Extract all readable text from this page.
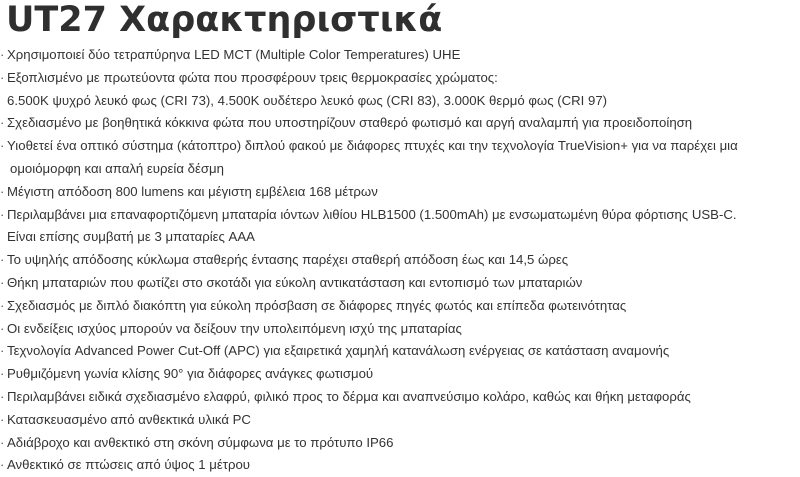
UT27 Χαρακτηριστικά
· Χρησιμοποιεί δύο τετραπύρηνα LED MCT (Multiple Color Temperatures) UHE
· Εξοπλισμένο με πρωτεύοντα φώτα που προσφέρουν τρεις θερμοκρασίες χρώματος:
6.500K ψυχρό λευκό φως (CRI 73), 4.500K ουδέτερο λευκό φως (CRI 83), 3.000K θερμό φως (CRI 97)
· Σχεδιασμένο με βοηθητικά κόκκινα φώτα που υποστηρίζουν σταθερό φωτισμό και αργή αναλαμπή για προειδοποίηση
· Υιοθετεί ένα οπτικό σύστημα (κάτοπτρο) διπλού φακού με διάφορες πτυχές και την τεχνολογία TrueVision+ για να παρέχει μια
ομοιόμορφη και απαλή ευρεία δέσμη
· Μέγιστη απόδοση 800 lumens και μέγιστη εμβέλεια 168 μέτρων
· Περιλαμβάνει μια επαναφορτιζόμενη μπαταρία ιόντων λιθίου HLB1500 (1.500mAh) με ενσωματωμένη θύρα φόρτισης USB-C.
Είναι επίσης συμβατή με 3 μπαταρίες AAA
· Το υψηλής απόδοσης κύκλωμα σταθερής έντασης παρέχει σταθερή απόδοση έως και 14,5 ώρες
· Θήκη μπαταριών που φωτίζει στο σκοτάδι για εύκολη αντικατάσταση και εντοπισμό των μπαταριών
· Σχεδιασμός με διπλό διακόπτη για εύκολη πρόσβαση σε διάφορες πηγές φωτός και επίπεδα φωτεινότητας
· Οι ενδείξεις ισχύος μπορούν να δείξουν την υπολειπόμενη ισχύ της μπαταρίας
· Τεχνολογία Advanced Power Cut-Off (APC) για εξαιρετικά χαμηλή κατανάλωση ενέργειας σε κατάσταση αναμονής
· Ρυθμιζόμενη γωνία κλίσης 90° για διάφορες ανάγκες φωτισμού
· Περιλαμβάνει ειδικά σχεδιασμένο ελαφρύ, φιλικό προς το δέρμα και αναπνεύσιμο κολάρο, καθώς και θήκη μεταφοράς
· Κατασκευασμένο από ανθεκτικά υλικά PC
· Αδιάβροχο και ανθεκτικό στη σκόνη σύμφωνα με το πρότυπο IP66
· Ανθεκτικό σε πτώσεις από ύψος 1 μέτρου
